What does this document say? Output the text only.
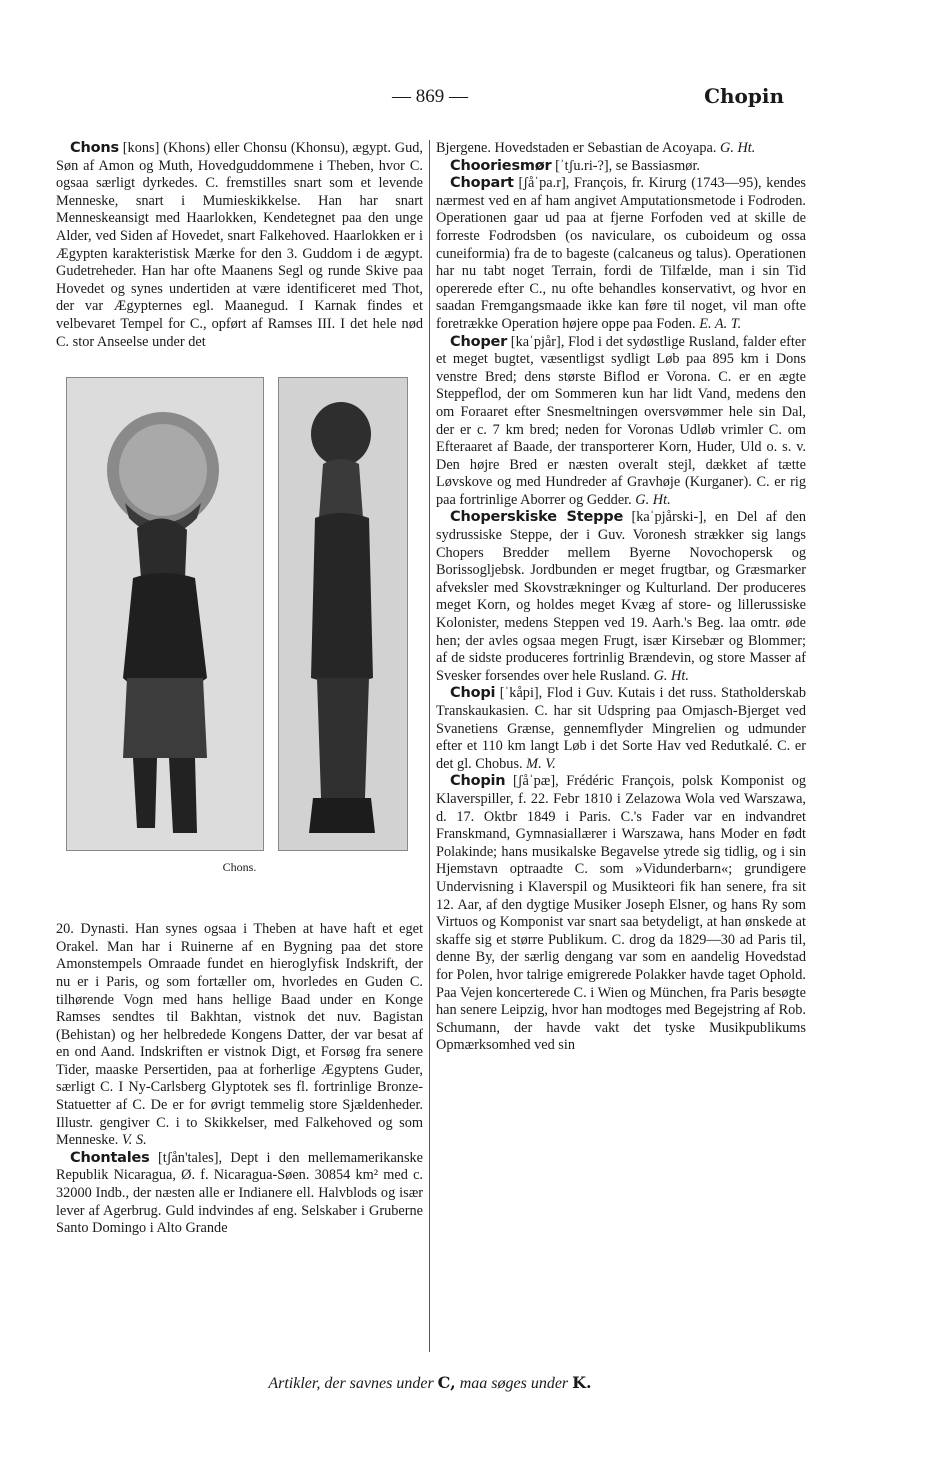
— 869 —	Chopin

Chons [kons] (Khons) eller Chonsu (Khonsu), ægypt. Gud, Søn af Amon og Muth, Hovedguddommene i Theben, hvor C. ogsaa særligt dyrkedes. C. fremstilles snart som et levende Menneske, snart i Mumieskikkelse. Han har snart Menneskeansigt med Haarlokken, Kendetegnet paa den unge Alder, ved Siden af Hovedet, snart Falkehoved. Haarlokken er i Ægypten karakteristisk Mærke for den 3. Guddom i de ægypt. Gudetreheder. Han har ofte Maanens Segl og runde Skive paa Hovedet og synes undertiden at være identificeret med Thot, der var Ægypternes egl. Maanegud. I Karnak findes et velbevaret Tempel for C., opført af Ramses III. I det hele nød C. stor Anseelse under det

Chons.

20. Dynasti. Han synes ogsaa i Theben at have haft et eget Orakel. Man har i Ruinerne af en Bygning paa det store Amonstempels Omraade fundet en hieroglyfisk Indskrift, der nu er i Paris, og som fortæller om, hvorledes en Guden C. tilhørende Vogn med hans hellige Baad under en Konge Ramses sendtes til Bakhtan, vistnok det nuv. Bagistan (Behistan) og her helbredede Kongens Datter, der var besat af en ond Aand. Indskriften er vistnok Digt, et Forsøg fra senere Tider, maaske Persertiden, paa at forherlige Ægyptens Guder, særligt C. I Ny-Carlsberg Glyptotek ses fl. fortrinlige Bronze-Statuetter af C. De er for øvrigt temmelig store Sjældenheder. Illustr. gengiver C. i to Skikkelser, med Falkehoved og som Menneske. V. S.

Chontales [tʃån'tales], Dept i den mellemamerikanske Republik Nicaragua, Ø. f. Nicaragua-Søen. 30854 km² med c. 32000 Indb., der næsten alle er Indianere ell. Halvblods og især lever af Agerbrug. Guld indvindes af eng. Selskaber i Gruberne Santo Domingo i Alto Grande

Bjergene. Hovedstaden er Sebastian de Acoyapa. G. Ht.

Chooriesmør [ˈtʃu.ri-?], se Bassiasmør.

Chopart [ʃåˈpa.r], François, fr. Kirurg (1743—95), kendes nærmest ved en af ham angivet Amputationsmetode i Fodroden. Operationen gaar ud paa at fjerne Forfoden ved at skille de forreste Fodrodsben (os naviculare, os cuboideum og ossa cuneiformia) fra de to bageste (calcaneus og talus). Operationen har nu tabt noget Terrain, fordi de Tilfælde, man i sin Tid opererede efter C., nu ofte behandles konservativt, og hvor en saadan Fremgangsmaade ikke kan føre til noget, vil man ofte foretrække Operation højere oppe paa Foden. E. A. T.

Choper [kaˈpjår], Flod i det sydøstlige Rusland, falder efter et meget bugtet, væsentligst sydligt Løb paa 895 km i Dons venstre Bred; dens største Biflod er Vorona. C. er en ægte Steppeflod, der om Sommeren kun har lidt Vand, medens den om Foraaret efter Snesmeltningen oversvømmer hele sin Dal, der er c. 7 km bred; neden for Voronas Udløb vrimler C. om Efteraaret af Baade, der transporterer Korn, Huder, Uld o. s. v. Den højre Bred er næsten overalt stejl, dækket af tætte Løvskove og med Hundreder af Gravhøje (Kurganer). C. er rig paa fortrinlige Aborrer og Gedder. G. Ht.

Choperskiske Steppe [kaˈpjårski-], en Del af den sydrussiske Steppe, der i Guv. Voronesh strækker sig langs Chopers Bredder mellem Byerne Novochopersk og Borissogljebsk. Jordbunden er meget frugtbar, og Græsmarker afveksler med Skovstrækninger og Kulturland. Der produceres meget Korn, og holdes meget Kvæg af store- og lillerussiske Kolonister, medens Steppen ved 19. Aarh.'s Beg. laa omtr. øde hen; der avles ogsaa megen Frugt, især Kirsebær og Blommer; af de sidste produceres fortrinlig Brændevin, og store Masser af Svesker forsendes over hele Rusland. G. Ht.

Chopi [ˈkåpi], Flod i Guv. Kutais i det russ. Statholderskab Transkaukasien. C. har sit Udspring paa Omjasch-Bjerget ved Svanetiens Grænse, gennemflyder Mingrelien og udmunder efter et 110 km langt Løb i det Sorte Hav ved Redutkalé. C. er det gl. Chobus. M. V.

Chopin [ʃåˈpæ], Frédéric François, polsk Komponist og Klaverspiller, f. 22. Febr 1810 i Zelazowa Wola ved Warszawa, d. 17. Oktbr 1849 i Paris. C.'s Fader var en indvandret Franskmand, Gymnasiallærer i Warszawa, hans Moder en født Polakinde; hans musikalske Begavelse ytrede sig tidlig, og i sin Hjemstavn optraadte C. som »Vidunderbarn«; grundigere Undervisning i Klaverspil og Musikteori fik han senere, fra sit 12. Aar, af den dygtige Musiker Joseph Elsner, og hans Ry som Virtuos og Komponist var snart saa betydeligt, at han ønskede at skaffe sig et større Publikum. C. drog da 1829—30 ad Paris til, denne By, der særlig dengang var som en aandelig Hovedstad for Polen, hvor talrige emigrerede Polakker havde taget Ophold. Paa Vejen koncerterede C. i Wien og München, fra Paris besøgte han senere Leipzig, hvor han modtoges med Begejstring af Rob. Schumann, der havde vakt det tyske Musikpublikums Opmærksomhed ved sin

Artikler, der savnes under C, maa søges under K.
